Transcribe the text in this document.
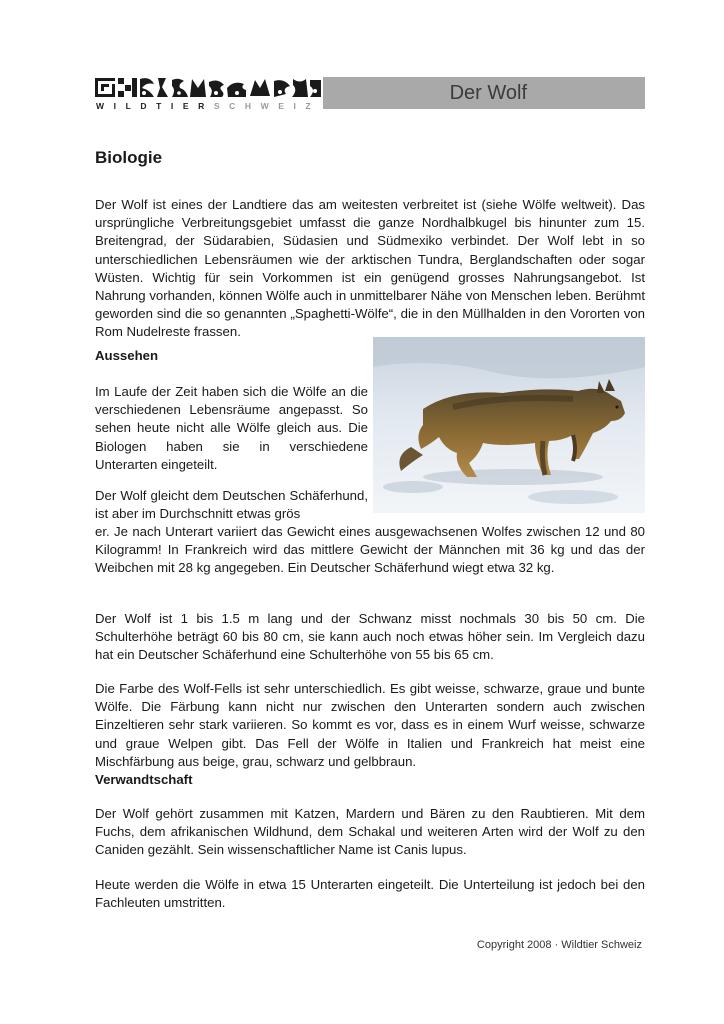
WILDTIERSCHWEIZ
Der Wolf
Biologie

Der Wolf ist eines der Landtiere das am weitesten verbreitet ist (siehe Wölfe weltweit). Das ursprüngliche Verbreitungsgebiet umfasst die ganze Nordhalbkugel bis hinunter zum 15. Breitengrad, der Südarabien, Südasien und Südmexiko verbindet. Der Wolf lebt in so unterschiedlichen Lebensräumen wie der arktischen Tundra, Berglandschaften oder sogar Wüsten. Wichtig für sein Vorkommen ist ein genügend grosses Nahrungsangebot. Ist Nahrung vorhanden, können Wölfe auch in unmittelbarer Nähe von Menschen leben. Berühmt geworden sind die so genannten „Spaghetti-Wölfe“, die in den Müllhalden in den Vororten von Rom Nudelreste frassen.

Aussehen

Im Laufe der Zeit haben sich die Wölfe an die verschiedenen Lebensräume angepasst. So sehen heute nicht alle Wölfe gleich aus. Die Biologen haben sie in verschiedene Unterarten eingeteilt.

Der Wolf gleicht dem Deutschen Schäferhund, ist aber im Durchschnitt etwas grös

er. Je nach Unterart variiert das Gewicht eines ausgewachsenen Wolfes zwischen 12 und 80 Kilogramm! In Frankreich wird das mittlere Gewicht der Männchen mit 36 kg und das der Weibchen mit 28 kg angegeben. Ein Deutscher Schäferhund wiegt etwa 32 kg.

Der Wolf ist 1 bis 1.5 m lang und der Schwanz misst nochmals 30 bis 50 cm. Die Schulterhöhe beträgt 60 bis 80 cm, sie kann auch noch etwas höher sein. Im Vergleich dazu hat ein Deutscher Schäferhund eine Schulterhöhe von 55 bis 65 cm.

Die Farbe des Wolf-Fells ist sehr unterschiedlich. Es gibt weisse, schwarze, graue und bunte Wölfe. Die Färbung kann nicht nur zwischen den Unterarten sondern auch zwischen Einzeltieren sehr stark variieren. So kommt es vor, dass es in einem Wurf weisse, schwarze und graue Welpen gibt. Das Fell der Wölfe in Italien und Frankreich hat meist eine Mischfärbung aus beige, grau, schwarz und gelbbraun.

Verwandtschaft

Der Wolf gehört zusammen mit Katzen, Mardern und Bären zu den Raubtieren. Mit dem Fuchs, dem afrikanischen Wildhund, dem Schakal und weiteren Arten wird der Wolf zu den Caniden gezählt. Sein wissenschaftlicher Name ist Canis lupus.

Heute werden die Wölfe in etwa 15 Unterarten eingeteilt. Die Unterteilung ist jedoch bei den Fachleuten umstritten.

Copyright 2008 · Wildtier Schweiz
